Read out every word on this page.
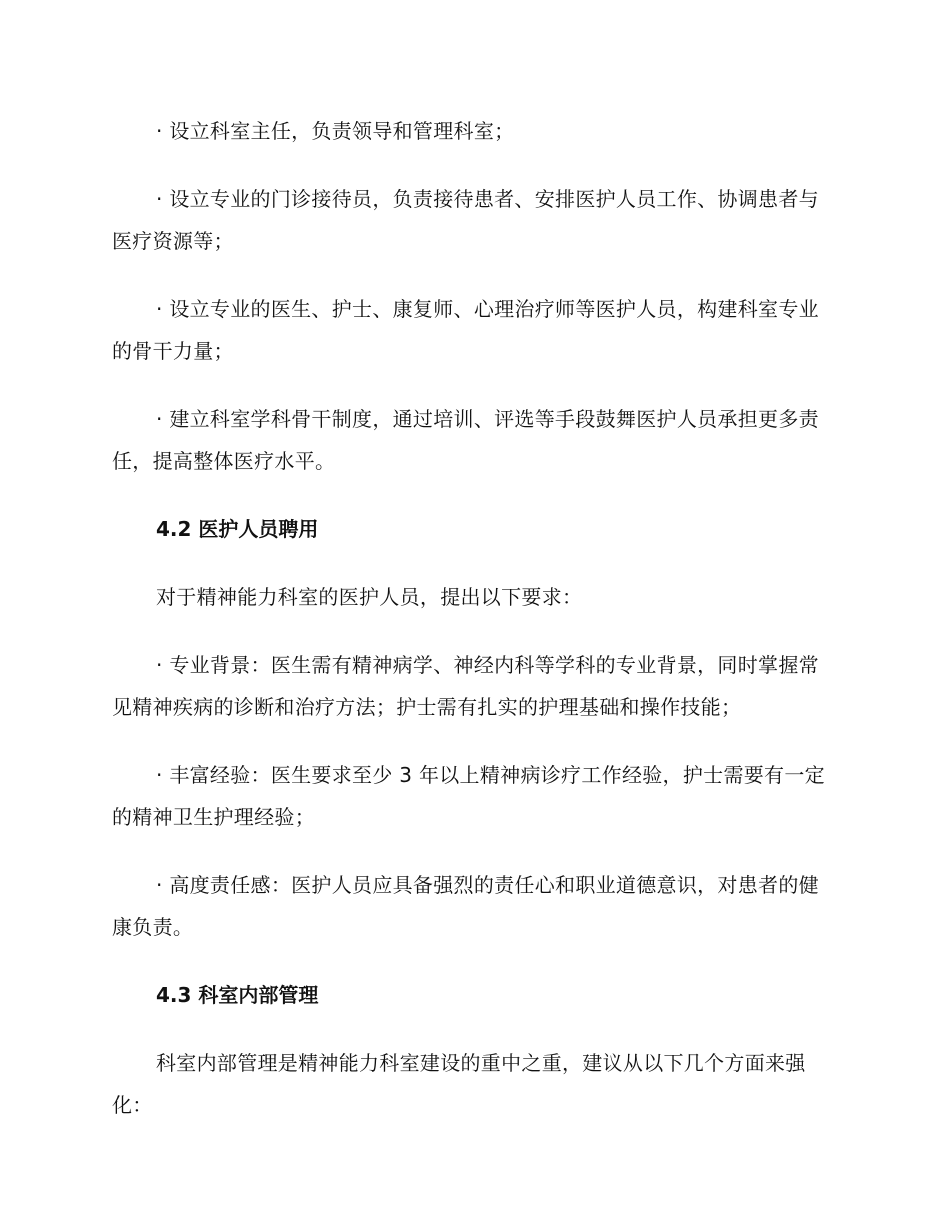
· 设立科室主任，负责领导和管理科室；

· 设立专业的门诊接待员，负责接待患者、安排医护人员工作、协调患者与医疗资源等；

· 设立专业的医生、护士、康复师、心理治疗师等医护人员，构建科室专业的骨干力量；

· 建立科室学科骨干制度，通过培训、评选等手段鼓舞医护人员承担更多责任，提高整体医疗水平。

4.2 医护人员聘用

对于精神能力科室的医护人员，提出以下要求：

· 专业背景：医生需有精神病学、神经内科等学科的专业背景，同时掌握常见精神疾病的诊断和治疗方法；护士需有扎实的护理基础和操作技能；

· 丰富经验：医生要求至少 3 年以上精神病诊疗工作经验，护士需要有一定的精神卫生护理经验；

· 高度责任感：医护人员应具备强烈的责任心和职业道德意识，对患者的健康负责。

4.3 科室内部管理

科室内部管理是精神能力科室建设的重中之重，建议从以下几个方面来强化：
